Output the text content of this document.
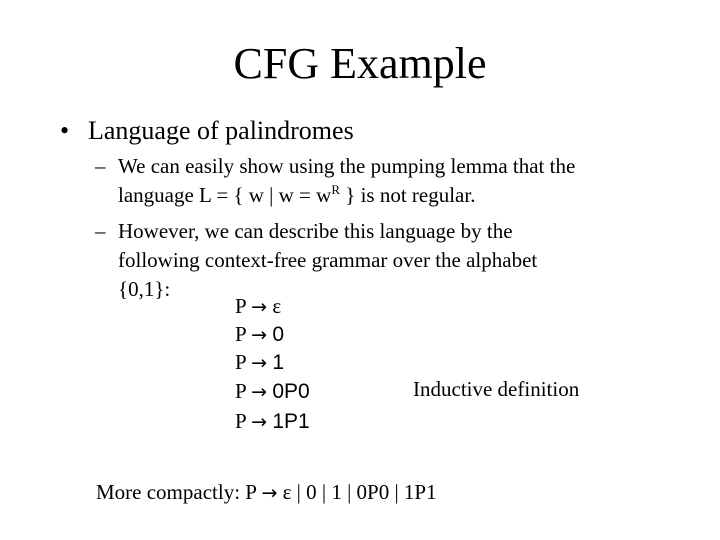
CFG Example
• Language of palindromes
– We can easily show using the pumping lemma that the
language L = { w | $w = w^R$ } is not regular.
– However, we can describe this language by the
following context-free grammar over the alphabet
{0,1}:
P → ε
P → 0
P → 1
P → 0P0
P → 1P1
Inductive definition
More compactly: P → ε | 0 | 1 | 0P0 | 1P1
